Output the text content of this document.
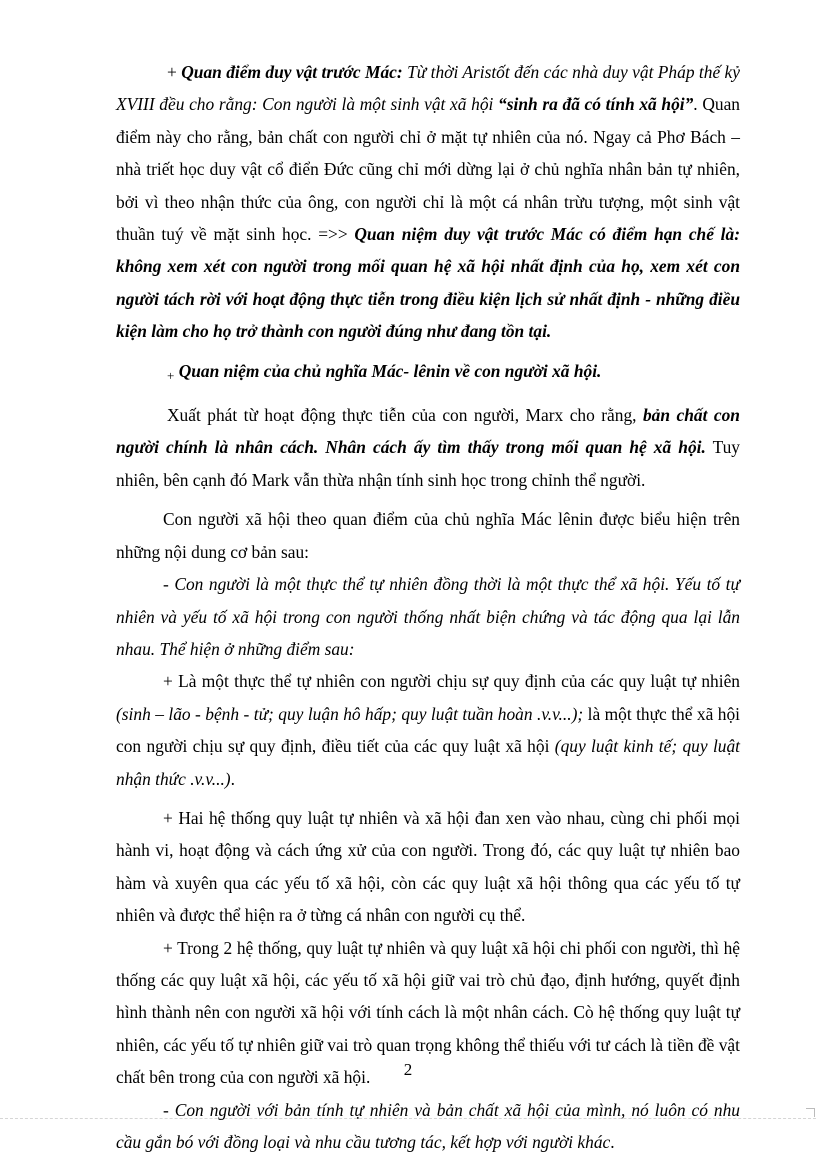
+ Quan điểm duy vật trước Mác: Từ thời Aristốt đến các nhà duy vật Pháp thế kỷ XVIII đều cho rằng: Con người là một sinh vật xã hội “sinh ra đã có tính xã hội”. Quan điểm này cho rằng, bản chất con người chỉ ở mặt tự nhiên của nó. Ngay cả Phơ Bách – nhà triết học duy vật cổ điển Đức cũng chỉ mới dừng lại ở chủ nghĩa nhân bản tự nhiên, bởi vì theo nhận thức của ông, con người chỉ là một cá nhân trừu tượng, một sinh vật thuần tuý về mặt sinh học. =>> Quan niệm duy vật trước Mác có điểm hạn chế là: không xem xét con người trong mối quan hệ xã hội nhất định của họ, xem xét con người tách rời với hoạt động thực tiễn trong điều kiện lịch sử nhất định - những điều kiện làm cho họ trở thành con người đúng như đang tồn tại.

+ Quan niệm của chủ nghĩa Mác- lênin về con người xã hội.

Xuất phát từ hoạt động thực tiễn của con người, Marx cho rằng, bản chất con người chính là nhân cách. Nhân cách ấy tìm thấy trong mối quan hệ xã hội. Tuy nhiên, bên cạnh đó Mark vẫn thừa nhận tính sinh học trong chỉnh thể người.

Con người xã hội theo quan điểm của chủ nghĩa Mác lênin được biểu hiện trên những nội dung cơ bản sau:

- Con người là một thực thể tự nhiên đồng thời là một thực thể xã hội. Yếu tố tự nhiên và yếu tố xã hội trong con người thống nhất biện chứng và tác động qua lại lẫn nhau. Thể hiện ở những điểm sau:

+ Là một thực thể tự nhiên con người chịu sự quy định của các quy luật tự nhiên (sinh – lão - bệnh - tử; quy luận hô hấp; quy luật tuần hoàn .v.v...); là một thực thể xã hội con người chịu sự quy định, điều tiết của các quy luật xã hội (quy luật kinh tế; quy luật nhận thức .v.v...).

+ Hai hệ thống quy luật tự nhiên và xã hội đan xen vào nhau, cùng chi phối mọi hành vi, hoạt động và cách ứng xử của con người. Trong đó, các quy luật tự nhiên bao hàm và xuyên qua các yếu tố xã hội, còn các quy luật xã hội thông qua các yếu tố tự nhiên và được thể hiện ra ở từng cá nhân con người cụ thể.

+ Trong 2 hệ thống, quy luật tự nhiên và quy luật xã hội chi phối con người, thì hệ thống các quy luật xã hội, các yếu tố xã hội giữ vai trò chủ đạo, định hướng, quyết định hình thành nên con người xã hội với tính cách là một nhân cách. Cò hệ thống quy luật tự nhiên, các yếu tố tự nhiên giữ vai trò quan trọng không thể thiếu với tư cách là tiền đề vật chất bên trong của con người xã hội.

- Con người với bản tính tự nhiên và bản chất xã hội của mình, nó luôn có nhu cầu gắn bó với đồng loại và nhu cầu tương tác, kết hợp với người khác.

2
